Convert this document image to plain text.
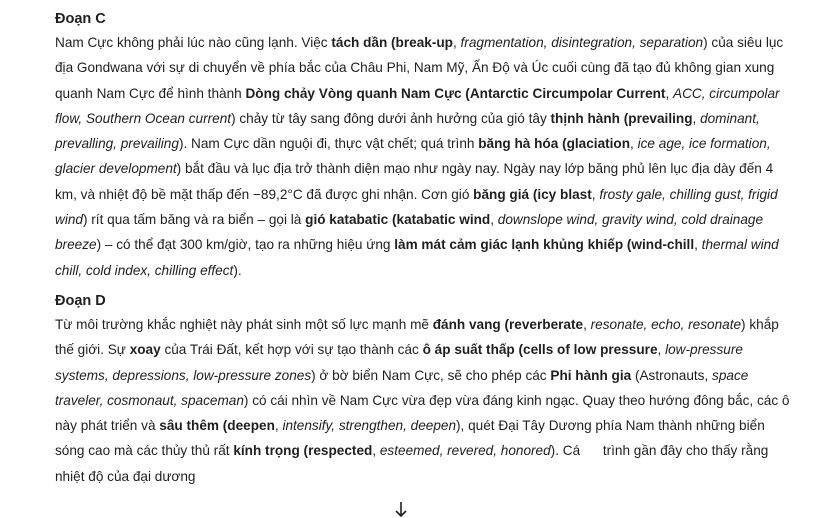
Đoạn C

Nam Cực không phải lúc nào cũng lạnh. Việc tách dần (break-up, fragmentation, disintegration, separation) của siêu lục địa Gondwana với sự di chuyển về phía bắc của Châu Phi, Nam Mỹ, Ấn Độ và Úc cuối cùng đã tạo đủ không gian xung quanh Nam Cực để hình thành Dòng chảy Vòng quanh Nam Cực (Antarctic Circumpolar Current, ACC, circumpolar flow, Southern Ocean current) chảy từ tây sang đông dưới ảnh hưởng của gió tây thịnh hành (prevailing, dominant, prevalling, prevailing). Nam Cực dần nguội đi, thực vật chết; quá trình băng hà hóa (glaciation, ice age, ice formation, glacier development) bắt đầu và lục địa trở thành diện mạo như ngày nay. Ngày nay lớp băng phủ lên lục địa dày đến 4 km, và nhiệt độ bề mặt thấp đến −89,2°C đã được ghi nhận. Cơn gió băng giá (icy blast, frosty gale, chilling gust, frigid wind) rít qua tấm băng và ra biển – gọi là gió katabatic (katabatic wind, downslope wind, gravity wind, cold drainage breeze) – có thể đạt 300 km/giờ, tạo ra những hiệu ứng làm mát cảm giác lạnh khủng khiếp (wind-chill, thermal wind chill, cold index, chilling effect).

Đoạn D

Từ môi trường khắc nghiệt này phát sinh một số lực mạnh mẽ đánh vang (reverberate, resonate, echo, resonate) khắp thế giới. Sự xoay của Trái Đất, kết hợp với sự tạo thành các ô áp suất thấp (cells of low pressure, low-pressure systems, depressions, low-pressure zones) ở bờ biển Nam Cực, sẽ cho phép các Phi hành gia (Astronauts, space traveler, cosmonaut, spaceman) có cái nhìn về Nam Cực vừa đẹp vừa đáng kinh ngạc. Quay theo hướng đông bắc, các ô này phát triển và sâu thêm (deepen, intensify, strengthen, deepen), quét Đại Tây Dương phía Nam thành những biển sóng cao mà các thủy thủ rất kính trọng (respected, esteemed, revered, honored). Cá trình gần đây cho thấy rằng nhiệt độ của đại dương
